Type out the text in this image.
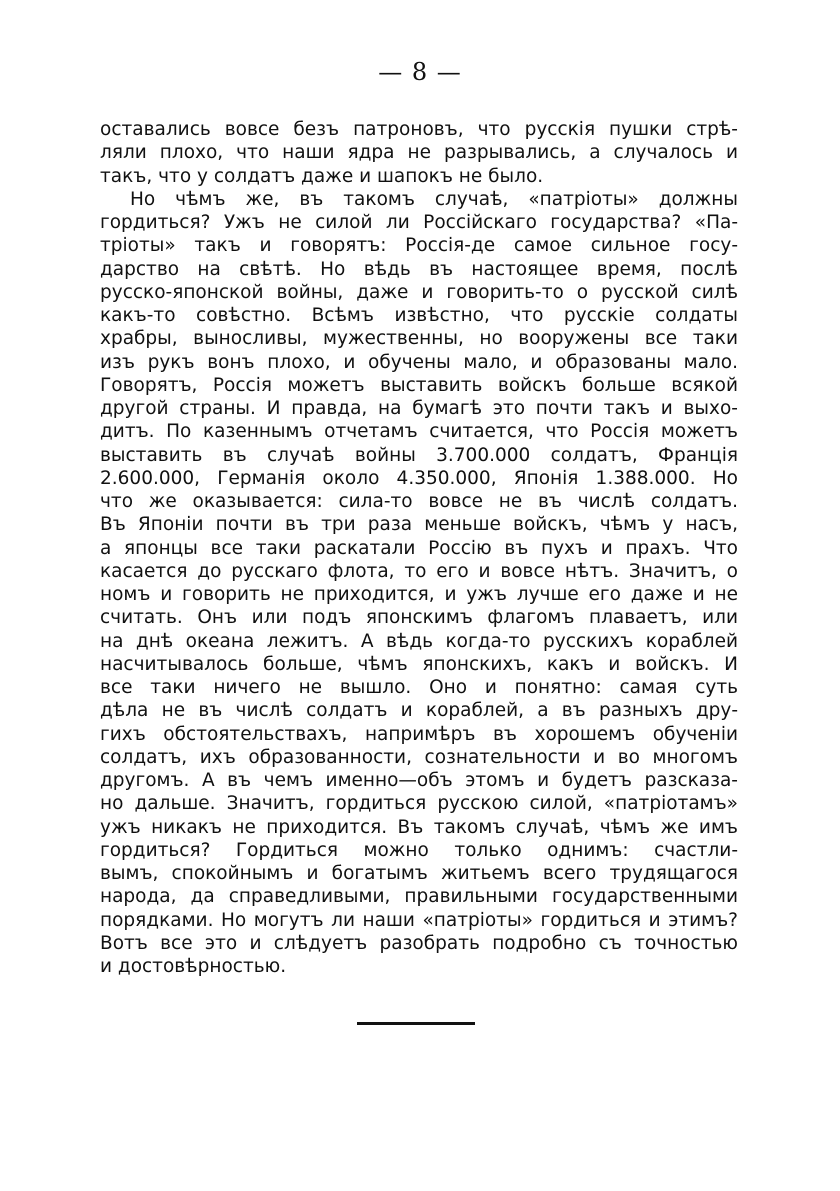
— 8 —
оставались вовсе безъ патроновъ, что русскія пушки стрѣ-
ляли плохо, что наши ядра не разрывались, а случалось и
такъ, что у солдатъ даже и шапокъ не было.
Но чѣмъ же, въ такомъ случаѣ, «патріоты» должны
гордиться? Ужъ не силой ли Россійскаго государства? «Па-
тріоты» такъ и говорятъ: Россія-де самое сильное госу-
дарство на свѣтѣ. Но вѣдь въ настоящее время, послѣ
русско-японской войны, даже и говорить-то о русской силѣ
какъ-то совѣстно. Всѣмъ извѣстно, что русскіе солдаты
храбры, выносливы, мужественны, но вооружены все таки
изъ рукъ вонъ плохо, и обучены мало, и образованы мало.
Говорятъ, Россія можетъ выставить войскъ больше всякой
другой страны. И правда, на бумагѣ это почти такъ и выхо-
дитъ. По казеннымъ отчетамъ считается, что Россія можетъ
выставить въ случаѣ войны 3.700.000 солдатъ, Франція
2.600.000, Германія около 4.350.000, Японія 1.388.000. Но
что же оказывается: сила-то вовсе не въ числѣ солдатъ.
Въ Японіи почти въ три раза меньше войскъ, чѣмъ у насъ,
а японцы все таки раскатали Россію въ пухъ и прахъ. Что
касается до русскаго флота, то его и вовсе нѣтъ. Значитъ, о
номъ и говорить не приходится, и ужъ лучше его даже и не
считать. Онъ или подъ японскимъ флагомъ плаваетъ, или
на днѣ океана лежитъ. А вѣдь когда-то русскихъ кораблей
насчитывалось больше, чѣмъ японскихъ, какъ и войскъ. И
все таки ничего не вышло. Оно и понятно: самая суть
дѣла не въ числѣ солдатъ и кораблей, а въ разныхъ дру-
гихъ обстоятельствахъ, напримѣръ въ хорошемъ обученіи
солдатъ, ихъ образованности, сознательности и во многомъ
другомъ. А въ чемъ именно—объ этомъ и будетъ разсказа-
но дальше. Значитъ, гордиться русскою силой, «патріотамъ»
ужъ никакъ не приходится. Въ такомъ случаѣ, чѣмъ же имъ
гордиться? Гордиться можно только однимъ: счастли-
вымъ, спокойнымъ и богатымъ житьемъ всего трудящагося
народа, да справедливыми, правильными государственными
порядками. Но могутъ ли наши «патріоты» гордиться и этимъ?
Вотъ все это и слѣдуетъ разобрать подробно съ точностью
и достовѣрностью.
